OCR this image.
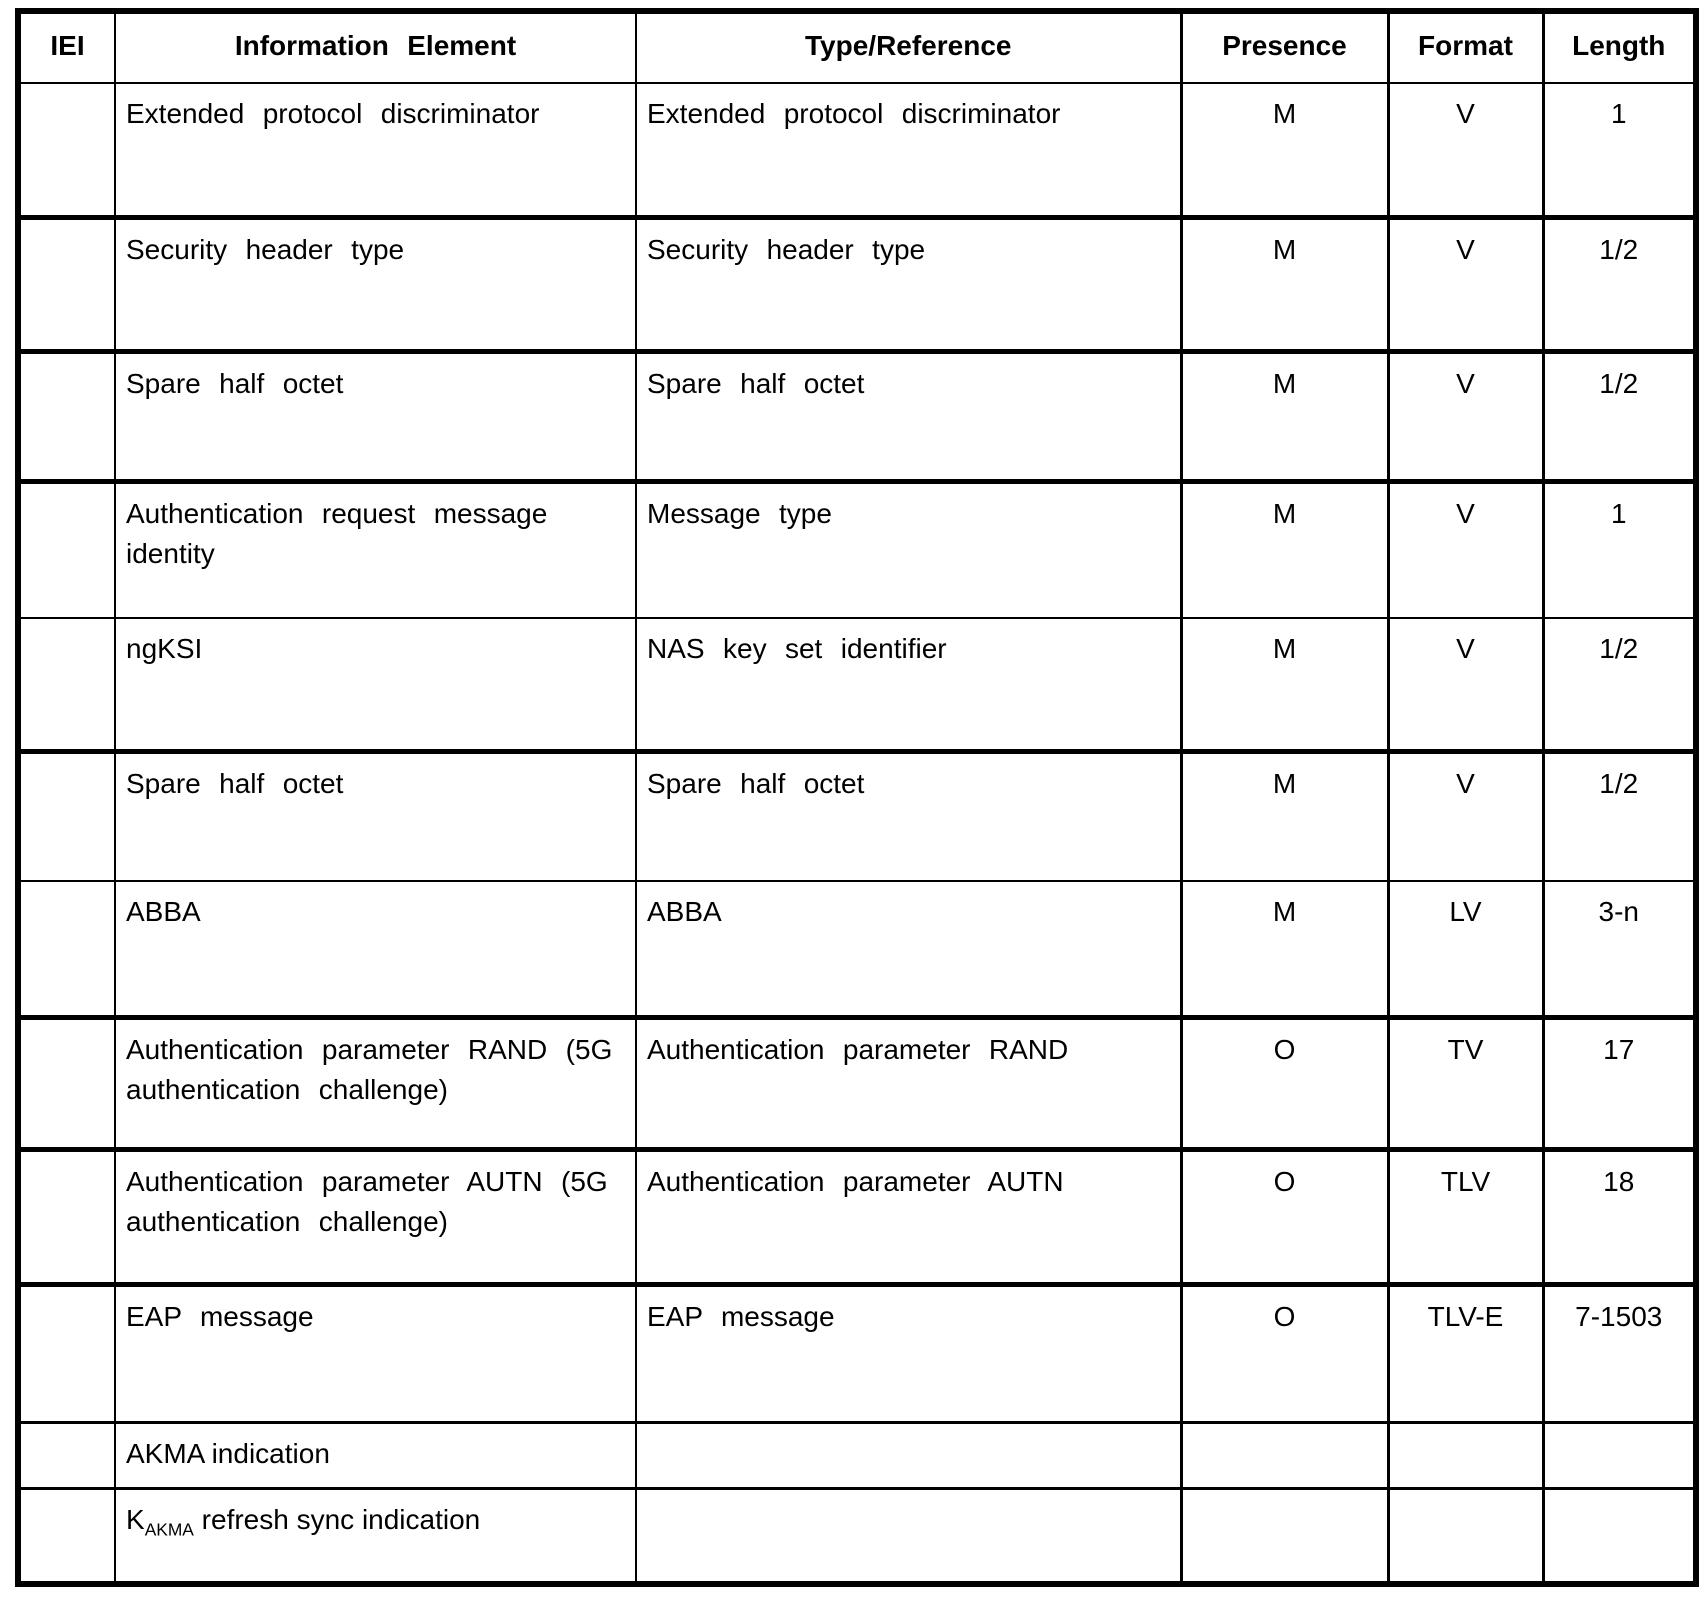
IEI	Information Element	Type/Reference	Presence	Format	Length
	Extended protocol discriminator	Extended protocol discriminator	M	V	1
	Security header type	Security header type	M	V	1/2
	Spare half octet	Spare half octet	M	V	1/2
	Authentication request message identity	Message type	M	V	1
	ngKSI	NAS key set identifier	M	V	1/2
	Spare half octet	Spare half octet	M	V	1/2
	ABBA	ABBA	M	LV	3-n
	Authentication parameter RAND (5G authentication challenge)	Authentication parameter RAND	O	TV	17
	Authentication parameter AUTN (5G authentication challenge)	Authentication parameter AUTN	O	TLV	18
	EAP message	EAP message	O	TLV-E	7-1503
	AKMA indication				
	$K_{AKMA}$ refresh sync indication				
